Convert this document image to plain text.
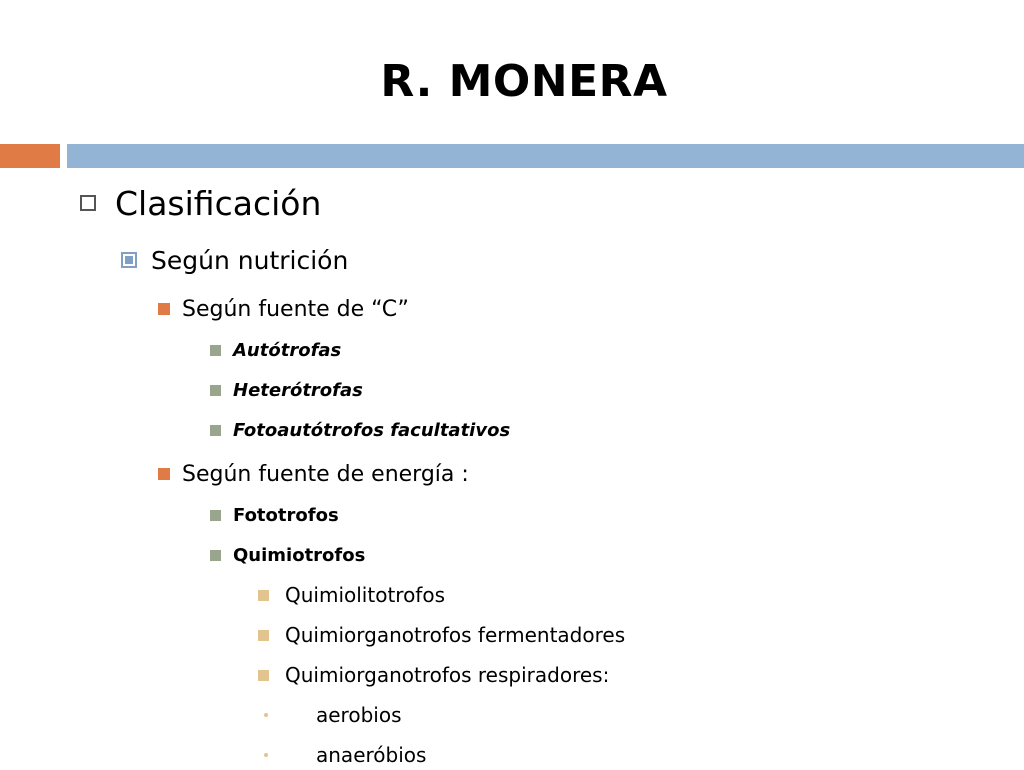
R. MONERA
Clasificación
Según nutrición
Según fuente de “C”
Autótrofas
Heterótrofas
Fotoautótrofos facultativos
Según fuente de energía :
Fototrofos
Quimiotrofos
Quimiolitotrofos
Quimiorganotrofos fermentadores
Quimiorganotrofos respiradores:
aerobios
anaeróbios
